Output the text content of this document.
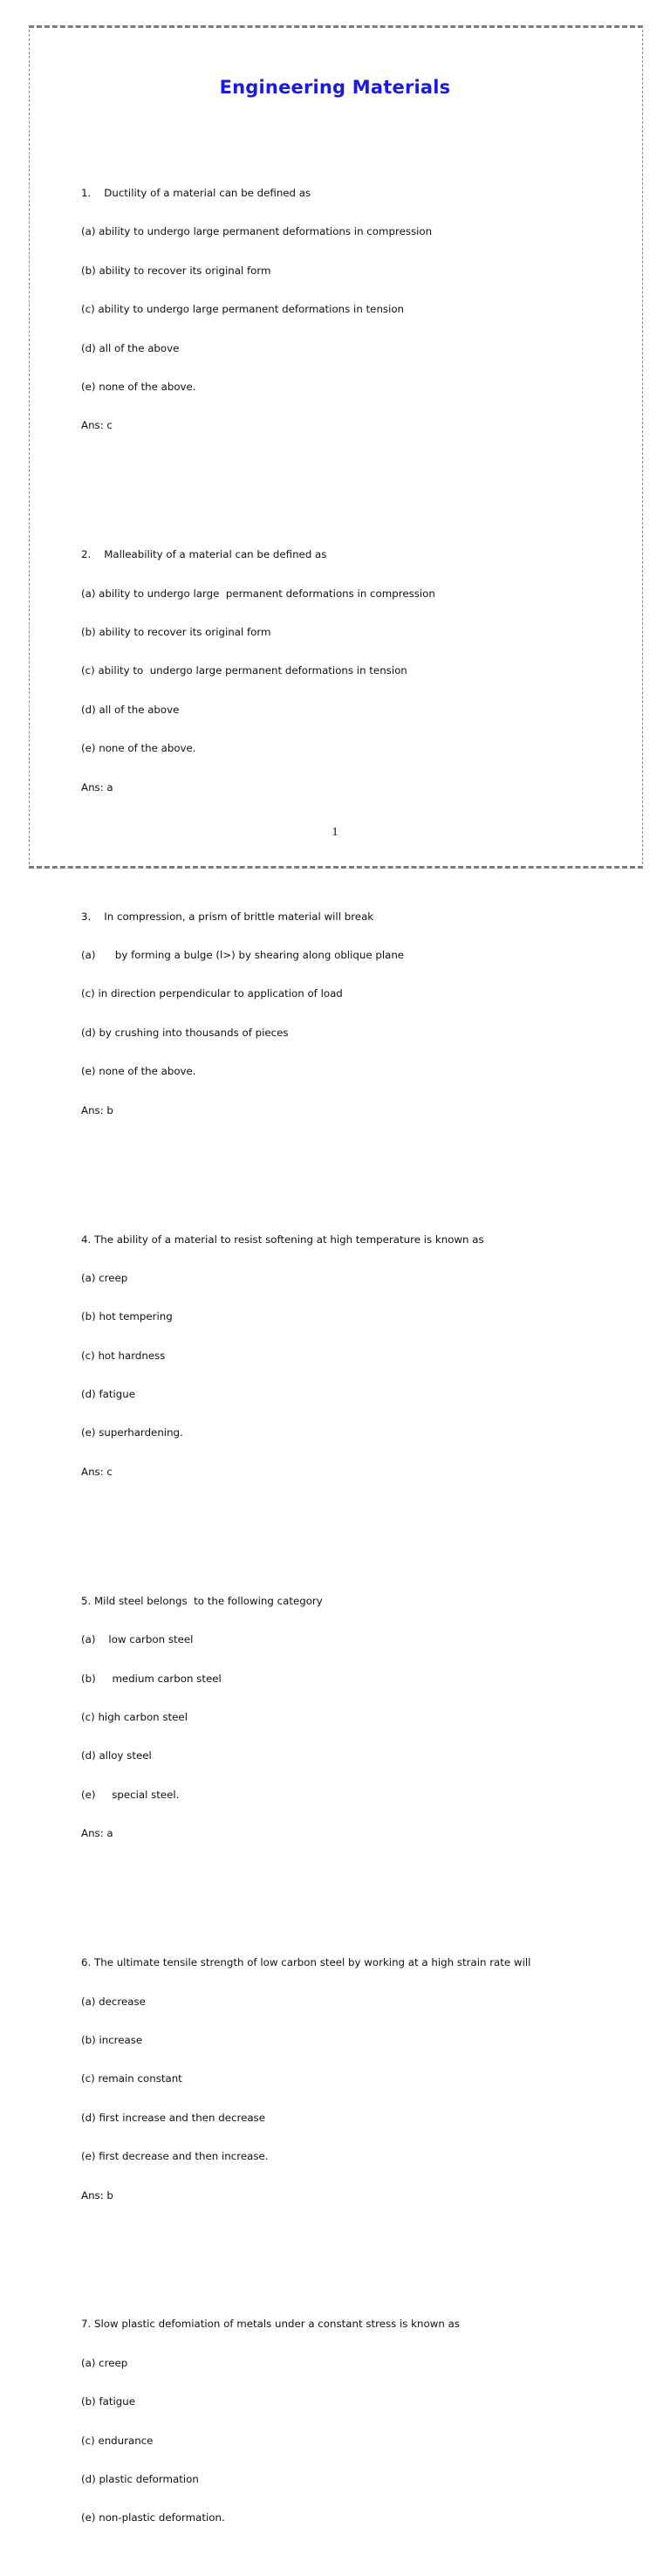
Engineering Materials

1.    Ductility of a material can be defined as

(a) ability to undergo large permanent deformations in compression

(b) ability to recover its original form

(c) ability to undergo large permanent deformations in tension

(d) all of the above

(e) none of the above.

Ans: c

2.    Malleability of a material can be defined as

(a) ability to undergo large  permanent deformations in compression

(b) ability to recover its original form

(c) ability to  undergo large permanent deformations in tension

(d) all of the above

(e) none of the above.

Ans: a

3.    In compression, a prism of brittle material will break

(a)      by forming a bulge (l>) by shearing along oblique plane

(c) in direction perpendicular to application of load

(d) by crushing into thousands of pieces

(e) none of the above.

Ans: b

4. The ability of a material to resist softening at high temperature is known as

(a) creep

(b) hot tempering

(c) hot hardness

(d) fatigue

(e) superhardening.

Ans: c

5. Mild steel belongs  to the following category

(a)    low carbon steel

(b)     medium carbon steel

(c) high carbon steel

(d) alloy steel

(e)     special steel.

Ans: a

6. The ultimate tensile strength of low carbon steel by working at a high strain rate will

(a) decrease

(b) increase

(c) remain constant

(d) first increase and then decrease

(e) first decrease and then increase.

Ans: b

7. Slow plastic defomiation of metals under a constant stress is known as

(a) creep

(b) fatigue

(c) endurance

(d) plastic deformation

(e) non-plastic deformation.

1
